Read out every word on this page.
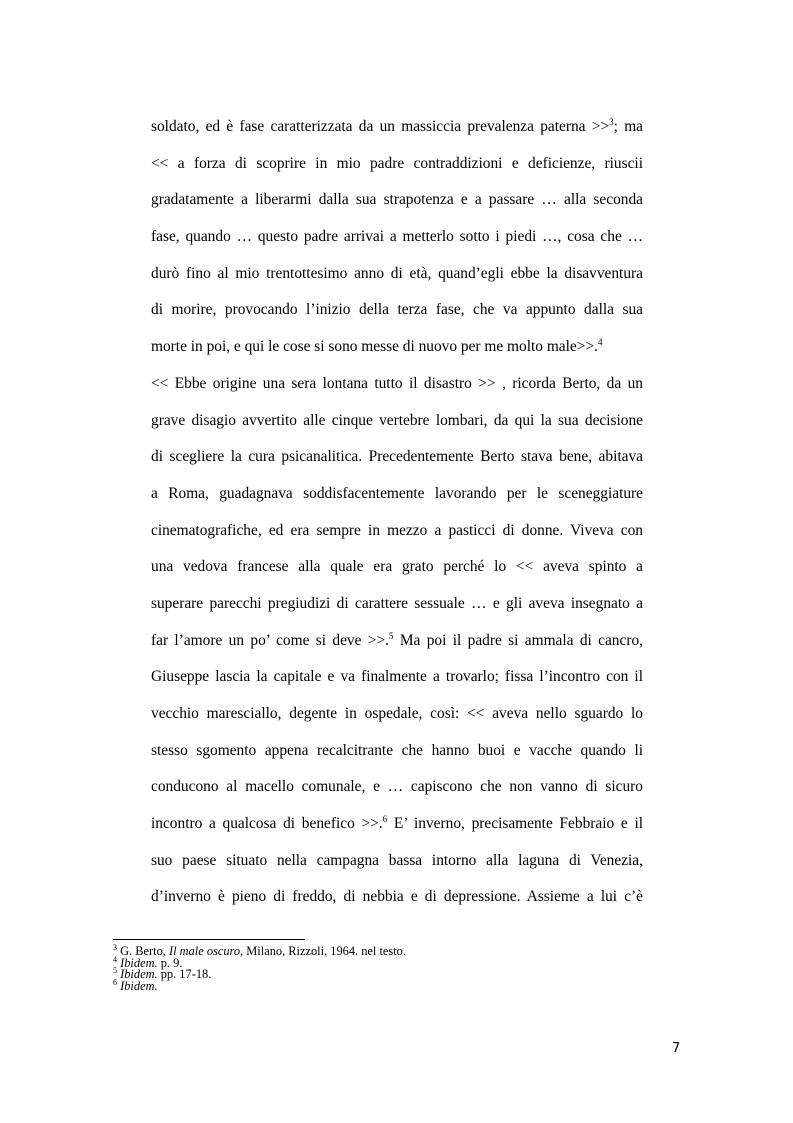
soldato, ed è fase caratterizzata da un massiccia prevalenza paterna >>$^3$; ma
<< a forza di scoprire in mio padre contraddizioni e deficienze, riuscii
gradatamente a liberarmi dalla sua strapotenza e a passare … alla seconda
fase, quando … questo padre arrivai a metterlo sotto i piedi …, cosa che …
durò fino al mio trentottesimo anno di età, quand’egli ebbe la disavventura
di morire, provocando l’inizio della terza fase, che va appunto dalla sua
morte in poi, e qui le cose si sono messe di nuovo per me molto male>>.$^4$
<< Ebbe origine una sera lontana tutto il disastro >> , ricorda Berto, da un
grave disagio avvertito alle cinque vertebre lombari, da qui la sua decisione
di scegliere la cura psicanalitica. Precedentemente Berto stava bene, abitava
a Roma, guadagnava soddisfacentemente lavorando per le sceneggiature
cinematografiche, ed era sempre in mezzo a pasticci di donne. Viveva con
una vedova francese alla quale era grato perché lo << aveva spinto a
superare parecchi pregiudizi di carattere sessuale … e gli aveva insegnato a
far l’amore un po’ come si deve >>.$^5$ Ma poi il padre si ammala di cancro,
Giuseppe lascia la capitale e va finalmente a trovarlo; fissa l’incontro con il
vecchio maresciallo, degente in ospedale, così: << aveva nello sguardo lo
stesso sgomento appena recalcitrante che hanno buoi e vacche quando li
conducono al macello comunale, e … capiscono che non vanno di sicuro
incontro a qualcosa di benefico >>.$^6$ E’ inverno, precisamente Febbraio e il
suo paese situato nella campagna bassa intorno alla laguna di Venezia,
d’inverno è pieno di freddo, di nebbia e di depressione. Assieme a lui c’è
$^3$ G. Berto, Il male oscuro, Milano, Rizzoli, 1964. nel testo.
$^4$ Ibidem. p. 9.
$^5$ Ibidem. pp. 17-18.
$^6$ Ibidem.
7
